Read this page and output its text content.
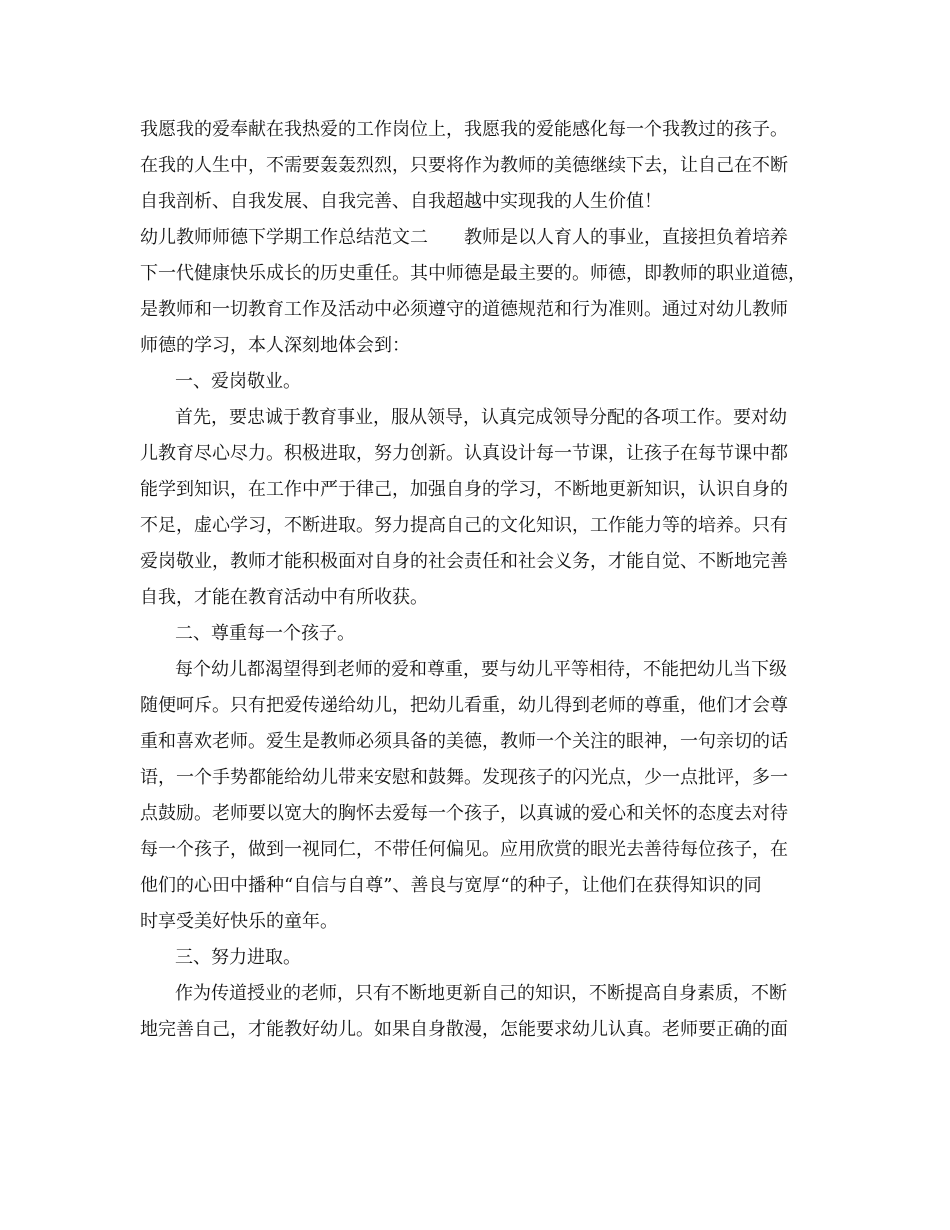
我愿我的爱奉献在我热爱的工作岗位上，我愿我的爱能感化每一个我教过的孩子。
在我的人生中，不需要轰轰烈烈，只要将作为教师的美德继续下去，让自己在不断
自我剖析、自我发展、自我完善、自我超越中实现我的人生价值！
幼儿教师师德下学期工作总结范文二　　教师是以人育人的事业，直接担负着培养
下一代健康快乐成长的历史重任。其中师德是最主要的。师德，即教师的职业道德，
是教师和一切教育工作及活动中必须遵守的道德规范和行为准则。通过对幼儿教师
师德的学习，本人深刻地体会到：
一、爱岗敬业。
首先，要忠诚于教育事业，服从领导，认真完成领导分配的各项工作。要对幼
儿教育尽心尽力。积极进取，努力创新。认真设计每一节课，让孩子在每节课中都
能学到知识，在工作中严于律己，加强自身的学习，不断地更新知识，认识自身的
不足，虚心学习，不断进取。努力提高自己的文化知识，工作能力等的培养。只有
爱岗敬业，教师才能积极面对自身的社会责任和社会义务，才能自觉、不断地完善
自我，才能在教育活动中有所收获。
二、尊重每一个孩子。
每个幼儿都渴望得到老师的爱和尊重，要与幼儿平等相待，不能把幼儿当下级
随便呵斥。只有把爱传递给幼儿，把幼儿看重，幼儿得到老师的尊重，他们才会尊
重和喜欢老师。爱生是教师必须具备的美德，教师一个关注的眼神，一句亲切的话
语，一个手势都能给幼儿带来安慰和鼓舞。发现孩子的闪光点，少一点批评，多一
点鼓励。老师要以宽大的胸怀去爱每一个孩子，以真诚的爱心和关怀的态度去对待
每一个孩子，做到一视同仁，不带任何偏见。应用欣赏的眼光去善待每位孩子，在
他们的心田中播种“自信与自尊”、善良与宽厚“的种子，让他们在获得知识的同
时享受美好快乐的童年。
三、努力进取。
作为传道授业的老师，只有不断地更新自己的知识，不断提高自身素质，不断
地完善自己，才能教好幼儿。如果自身散漫，怎能要求幼儿认真。老师要正确的面
